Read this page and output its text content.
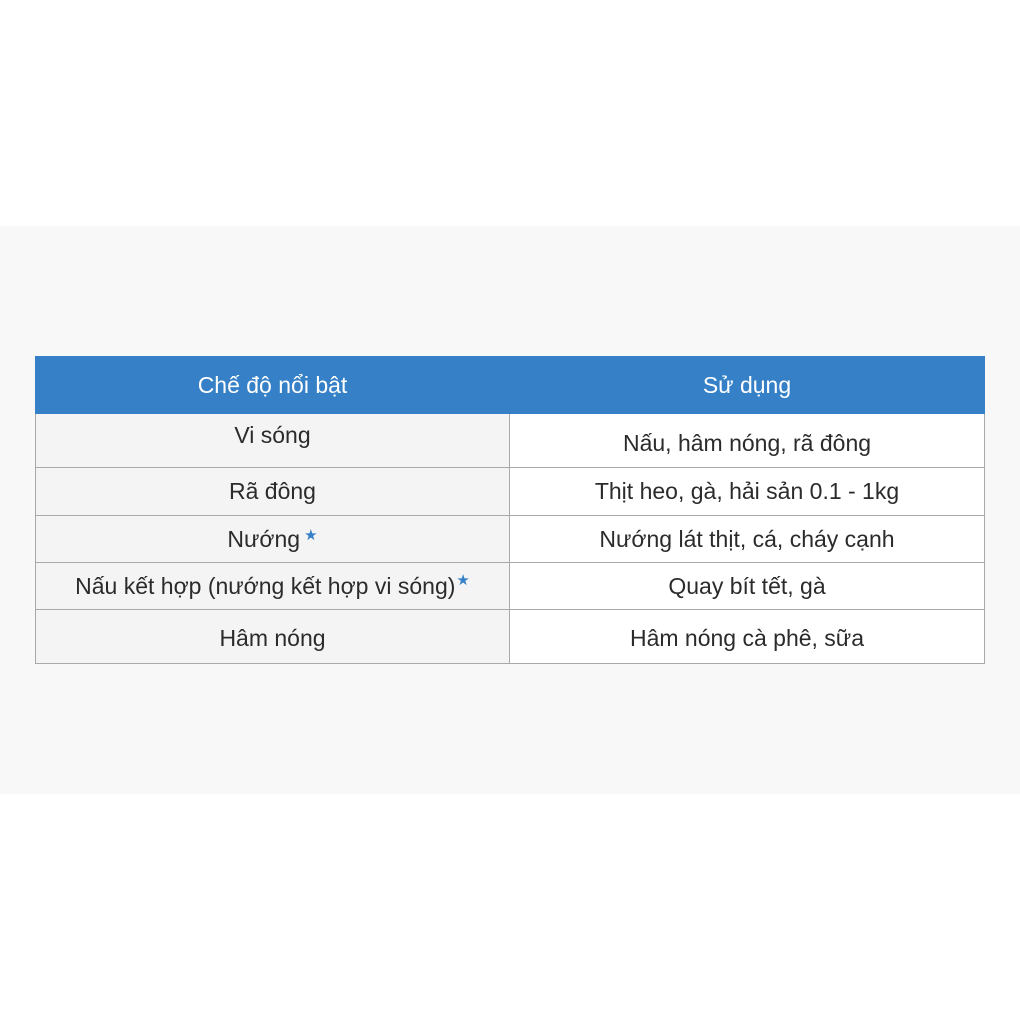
Chế độ nổi bật	Sử dụng
Vi sóng	Nấu, hâm nóng, rã đông
Rã đông	Thịt heo, gà, hải sản 0.1 - 1kg
Nướng ★	Nướng lát thịt, cá, cháy cạnh
Nấu kết hợp (nướng kết hợp vi sóng)★	Quay bít tết, gà
Hâm nóng	Hâm nóng cà phê, sữa
